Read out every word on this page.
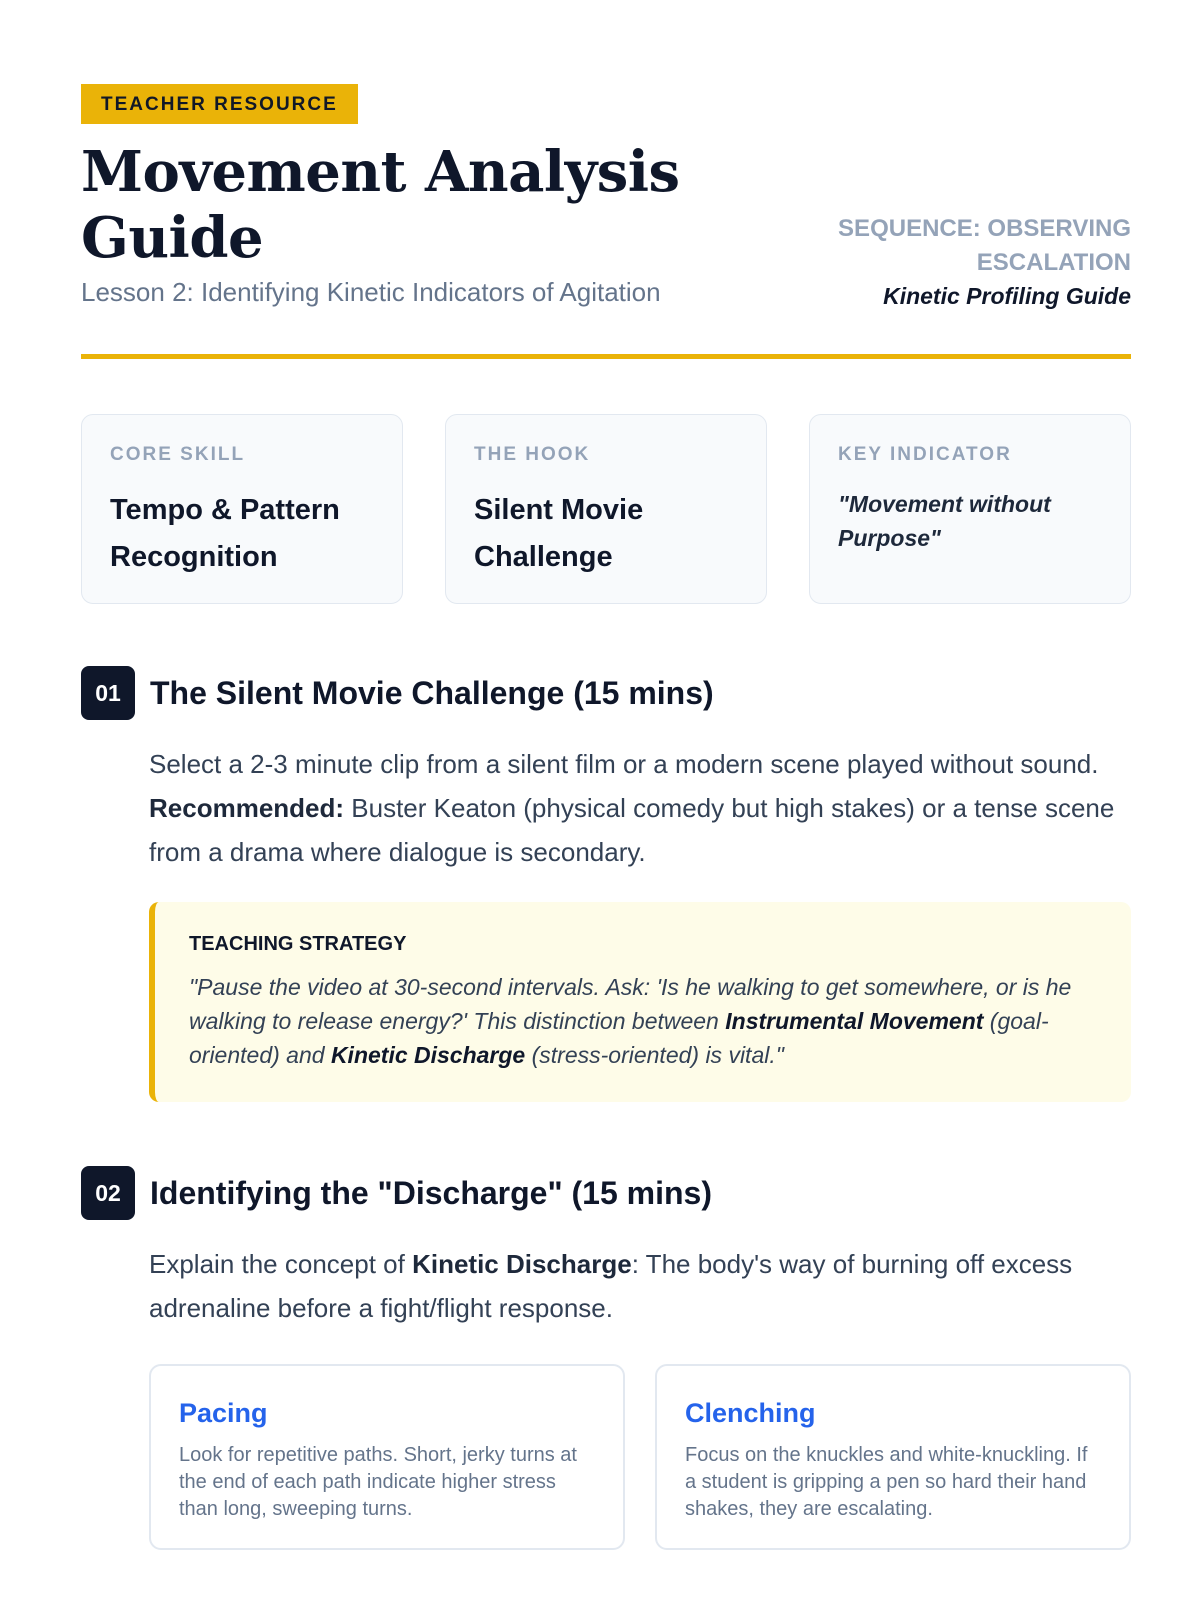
TEACHER RESOURCE
Movement Analysis Guide
Lesson 2: Identifying Kinetic Indicators of Agitation
SEQUENCE: OBSERVING ESCALATION
Kinetic Profiling Guide
CORE SKILL
Tempo & Pattern Recognition
THE HOOK
Silent Movie Challenge
KEY INDICATOR
"Movement without Purpose"
01 The Silent Movie Challenge (15 mins)

Select a 2-3 minute clip from a silent film or a modern scene played without sound. Recommended: Buster Keaton (physical comedy but high stakes) or a tense scene from a drama where dialogue is secondary.

TEACHING STRATEGY

"Pause the video at 30-second intervals. Ask: 'Is he walking to get somewhere, or is he walking to release energy?' This distinction between Instrumental Movement (goal-oriented) and Kinetic Discharge (stress-oriented) is vital."

02 Identifying the "Discharge" (15 mins)

Explain the concept of Kinetic Discharge: The body's way of burning off excess adrenaline before a fight/flight response.

Pacing
Look for repetitive paths. Short, jerky turns at the end of each path indicate higher stress than long, sweeping turns.
Clenching
Focus on the knuckles and white-knuckling. If a student is gripping a pen so hard their hand shakes, they are escalating.
